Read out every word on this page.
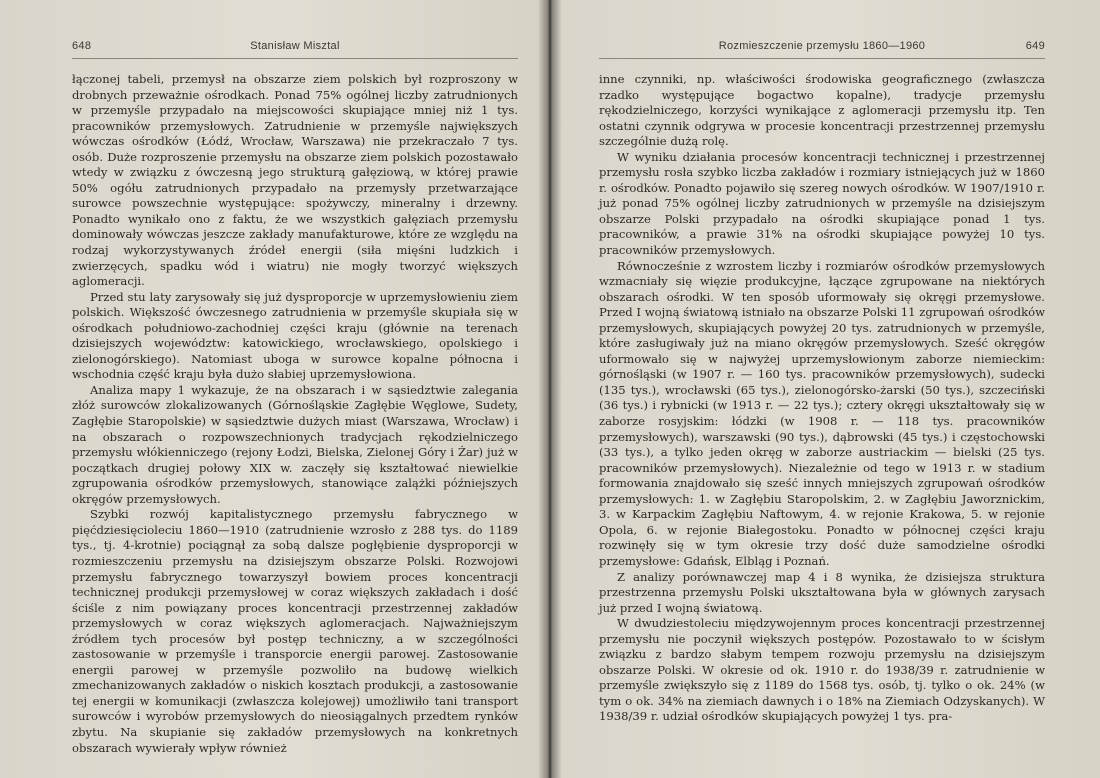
648	Stanisław Misztal

łączonej tabeli, przemysł na obszarze ziem polskich był rozproszony w drobnych przeważnie ośrodkach. Ponad 75% ogólnej liczby zatrudnionych w przemyśle przypadało na miejscowości skupiające mniej niż 1 tys. pracowników przemysłowych. Zatrudnienie w przemyśle największych wówczas ośrodków (Łódź, Wrocław, Warszawa) nie przekraczało 7 tys. osób. Duże rozproszenie przemysłu na obszarze ziem polskich pozostawało wtedy w związku z ówczesną jego strukturą gałęziową, w której prawie 50% ogółu zatrudnionych przypadało na przemysły przetwarzające surowce powszechnie występujące: spożywczy, mineralny i drzewny. Ponadto wynikało ono z faktu, że we wszystkich gałęziach przemysłu dominowały wówczas jeszcze zakłady manufakturowe, które ze względu na rodzaj wykorzystywanych źródeł energii (siła mięśni ludzkich i zwierzęcych, spadku wód i wiatru) nie mogły tworzyć większych aglomeracji.

Przed stu laty zarysowały się już dysproporcje w uprzemysłowieniu ziem polskich. Większość ówczesnego zatrudnienia w przemyśle skupiała się w ośrodkach południowo-zachodniej części kraju (głównie na terenach dzisiejszych województw: katowickiego, wrocławskiego, opolskiego i zielonogórskiego). Natomiast uboga w surowce kopalne północna i wschodnia część kraju była dużo słabiej uprzemysłowiona.

Analiza mapy 1 wykazuje, że na obszarach i w sąsiedztwie zalegania złóż surowców zlokalizowanych (Górnośląskie Zagłębie Węglowe, Sudety, Zagłębie Staropolskie) w sąsiedztwie dużych miast (Warszawa, Wrocław) i na obszarach o rozpowszechnionych tradycjach rękodzielniczego przemysłu włókienniczego (rejony Łodzi, Bielska, Zielonej Góry i Żar) już w początkach drugiej połowy XIX w. zaczęły się kształtować niewielkie zgrupowania ośrodków przemysłowych, stanowiące zalążki późniejszych okręgów przemysłowych.

Szybki rozwój kapitalistycznego przemysłu fabrycznego w pięćdziesięcioleciu 1860—1910 (zatrudnienie wzrosło z 288 tys. do 1189 tys., tj. 4-krotnie) pociągnął za sobą dalsze pogłębienie dysproporcji w rozmieszczeniu przemysłu na dzisiejszym obszarze Polski. Rozwojowi przemysłu fabrycznego towarzyszył bowiem proces koncentracji technicznej produkcji przemysłowej w coraz większych zakładach i dość ściśle z nim powiązany proces koncentracji przestrzennej zakładów przemysłowych w coraz większych aglomeracjach. Najważniejszym źródłem tych procesów był postęp techniczny, a w szczególności zastosowanie w przemyśle i transporcie energii parowej. Zastosowanie energii parowej w przemyśle pozwoliło na budowę wielkich zmechanizowanych zakładów o niskich kosztach produkcji, a zastosowanie tej energii w komunikacji (zwłaszcza kolejowej) umożliwiło tani transport surowców i wyrobów przemysłowych do nieosiągalnych przedtem rynków zbytu. Na skupianie się zakładów przemysłowych na konkretnych obszarach wywierały wpływ również

Rozmieszczenie przemysłu 1860—1960	649

inne czynniki, np. właściwości środowiska geograficznego (zwłaszcza rzadko występujące bogactwo kopalne), tradycje przemysłu rękodzielniczego, korzyści wynikające z aglomeracji przemysłu itp. Ten ostatni czynnik odgrywa w procesie koncentracji przestrzennej przemysłu szczególnie dużą rolę.

W wyniku działania procesów koncentracji technicznej i przestrzennej przemysłu rosła szybko liczba zakładów i rozmiary istniejących już w 1860 r. ośrodków. Ponadto pojawiło się szereg nowych ośrodków. W 1907/1910 r. już ponad 75% ogólnej liczby zatrudnionych w przemyśle na dzisiejszym obszarze Polski przypadało na ośrodki skupiające ponad 1 tys. pracowników, a prawie 31% na ośrodki skupiające powyżej 10 tys. pracowników przemysłowych.

Równocześnie z wzrostem liczby i rozmiarów ośrodków przemysłowych wzmacniały się więzie produkcyjne, łączące zgrupowane na niektórych obszarach ośrodki. W ten sposób uformowały się okręgi przemysłowe. Przed I wojną światową istniało na obszarze Polski 11 zgrupowań ośrodków przemysłowych, skupiających powyżej 20 tys. zatrudnionych w przemyśle, które zasługiwały już na miano okręgów przemysłowych. Sześć okręgów uformowało się w najwyżej uprzemysłowionym zaborze niemieckim: górnośląski (w 1907 r. — 160 tys. pracowników przemysłowych), sudecki (135 tys.), wrocławski (65 tys.), zielonogórsko-żarski (50 tys.), szczeciński (36 tys.) i rybnicki (w 1913 r. — 22 tys.); cztery okręgi ukształtowały się w zaborze rosyjskim: łódzki (w 1908 r. — 118 tys. pracowników przemysłowych), warszawski (90 tys.), dąbrowski (45 tys.) i częstochowski (33 tys.), a tylko jeden okręg w zaborze austriackim — bielski (25 tys. pracowników przemysłowych). Niezależnie od tego w 1913 r. w stadium formowania znajdowało się sześć innych mniejszych zgrupowań ośrodków przemysłowych: 1. w Zagłębiu Staropolskim, 2. w Zagłębiu Jaworznickim, 3. w Karpackim Zagłębiu Naftowym, 4. w rejonie Krakowa, 5. w rejonie Opola, 6. w rejonie Białegostoku. Ponadto w północnej części kraju rozwinęły się w tym okresie trzy dość duże samodzielne ośrodki przemysłowe: Gdańsk, Elbląg i Poznań.

Z analizy porównawczej map 4 i 8 wynika, że dzisiejsza struktura przestrzenna przemysłu Polski ukształtowana była w głównych zarysach już przed I wojną światową.

W dwudziestoleciu międzywojennym proces koncentracji przestrzennej przemysłu nie poczynił większych postępów. Pozostawało to w ścisłym związku z bardzo słabym tempem rozwoju przemysłu na dzisiejszym obszarze Polski. W okresie od ok. 1910 r. do 1938/39 r. zatrudnienie w przemyśle zwiększyło się z 1189 do 1568 tys. osób, tj. tylko o ok. 24% (w tym o ok. 34% na ziemiach dawnych i o 18% na Ziemiach Odzyskanych). W 1938/39 r. udział ośrodków skupiających powyżej 1 tys. pra-
